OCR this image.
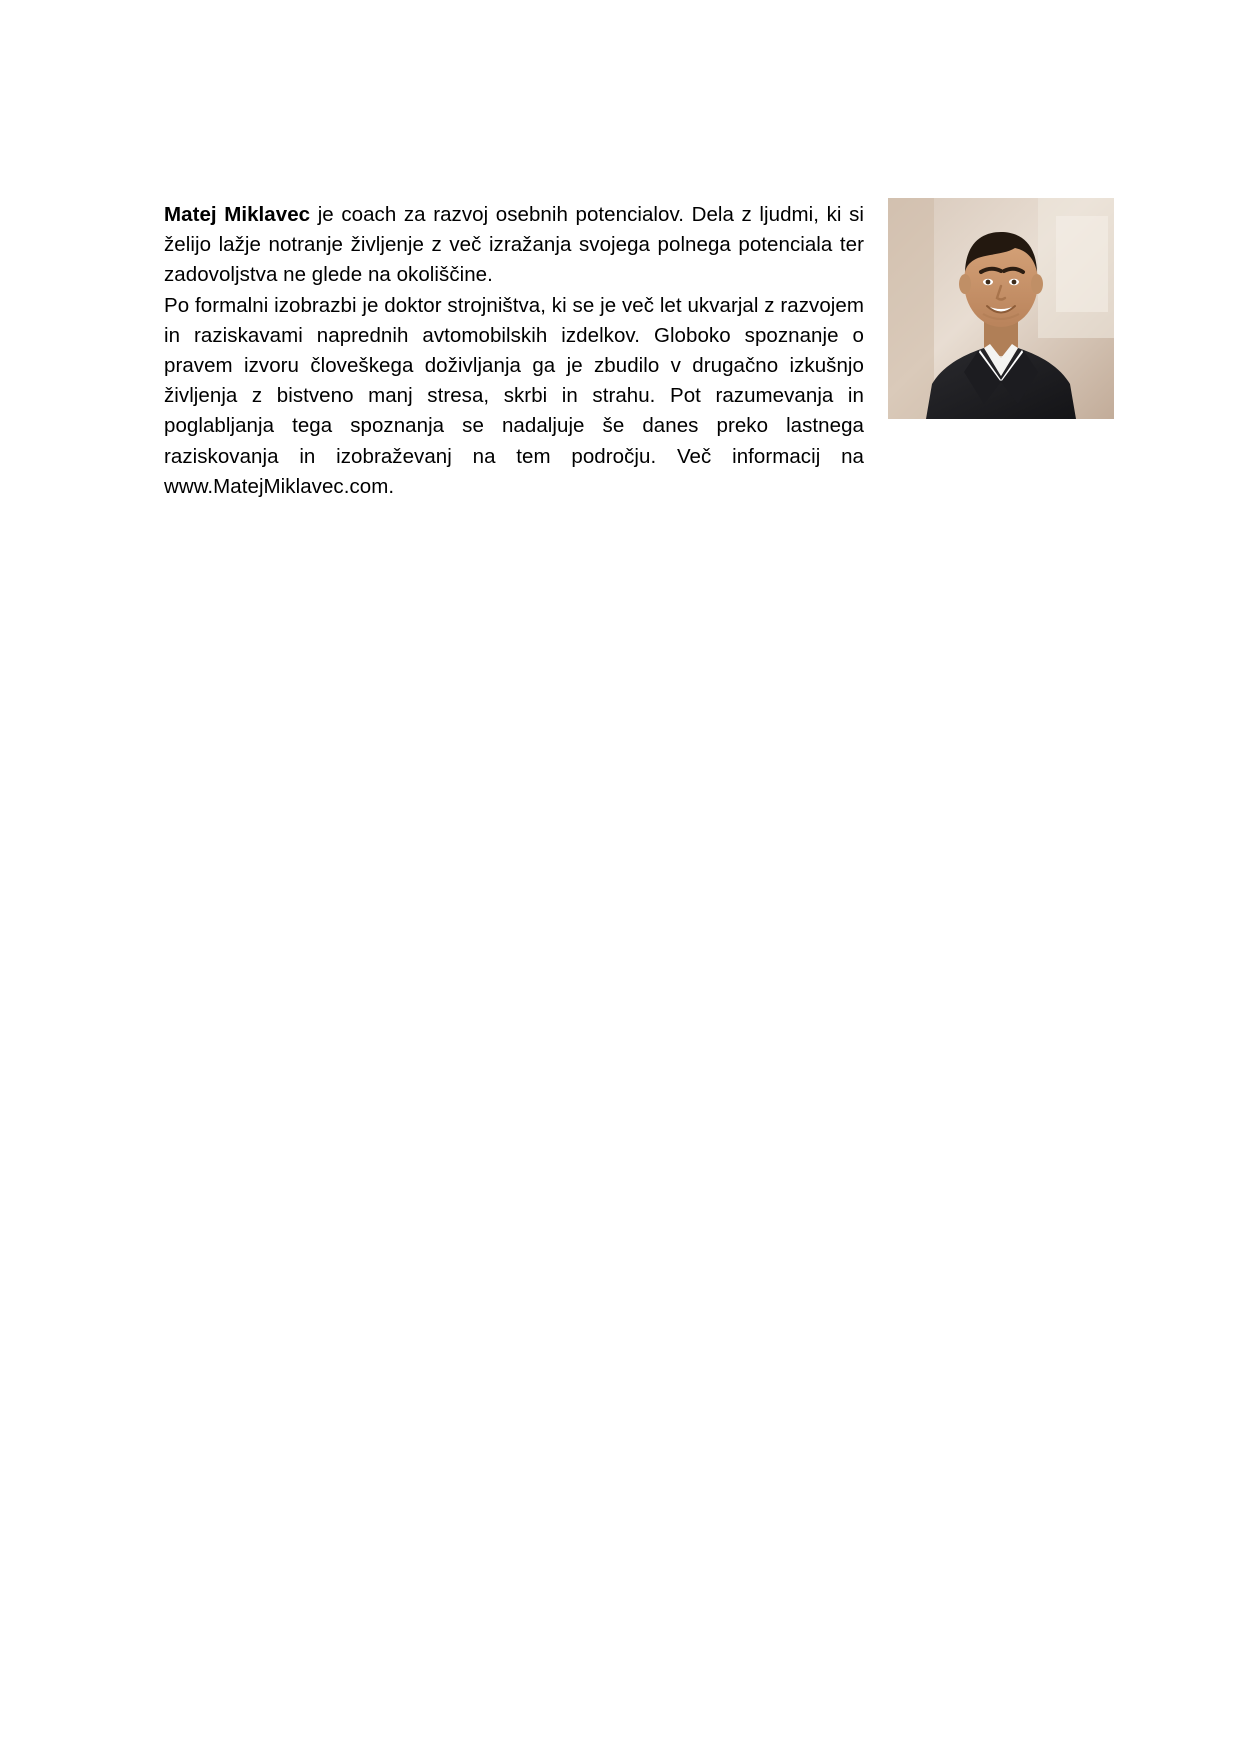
Matej Miklavec je coach za razvoj osebnih potencialov. Dela z ljudmi, ki si želijo lažje notranje življenje z več izražanja svojega polnega potenciala ter zadovoljstva ne glede na okoliščine.

Po formalni izobrazbi je doktor strojništva, ki se je več let ukvarjal z razvojem in raziskavami naprednih avtomobilskih izdelkov. Globoko spoznanje o pravem izvoru človeškega doživljanja ga je zbudilo v drugačno izkušnjo življenja z bistveno manj stresa, skrbi in strahu. Pot razumevanja in poglabljanja tega spoznanja se nadaljuje še danes preko lastnega raziskovanja in izobraževanj na tem področju. Več informacij na www.MatejMiklavec.com.
